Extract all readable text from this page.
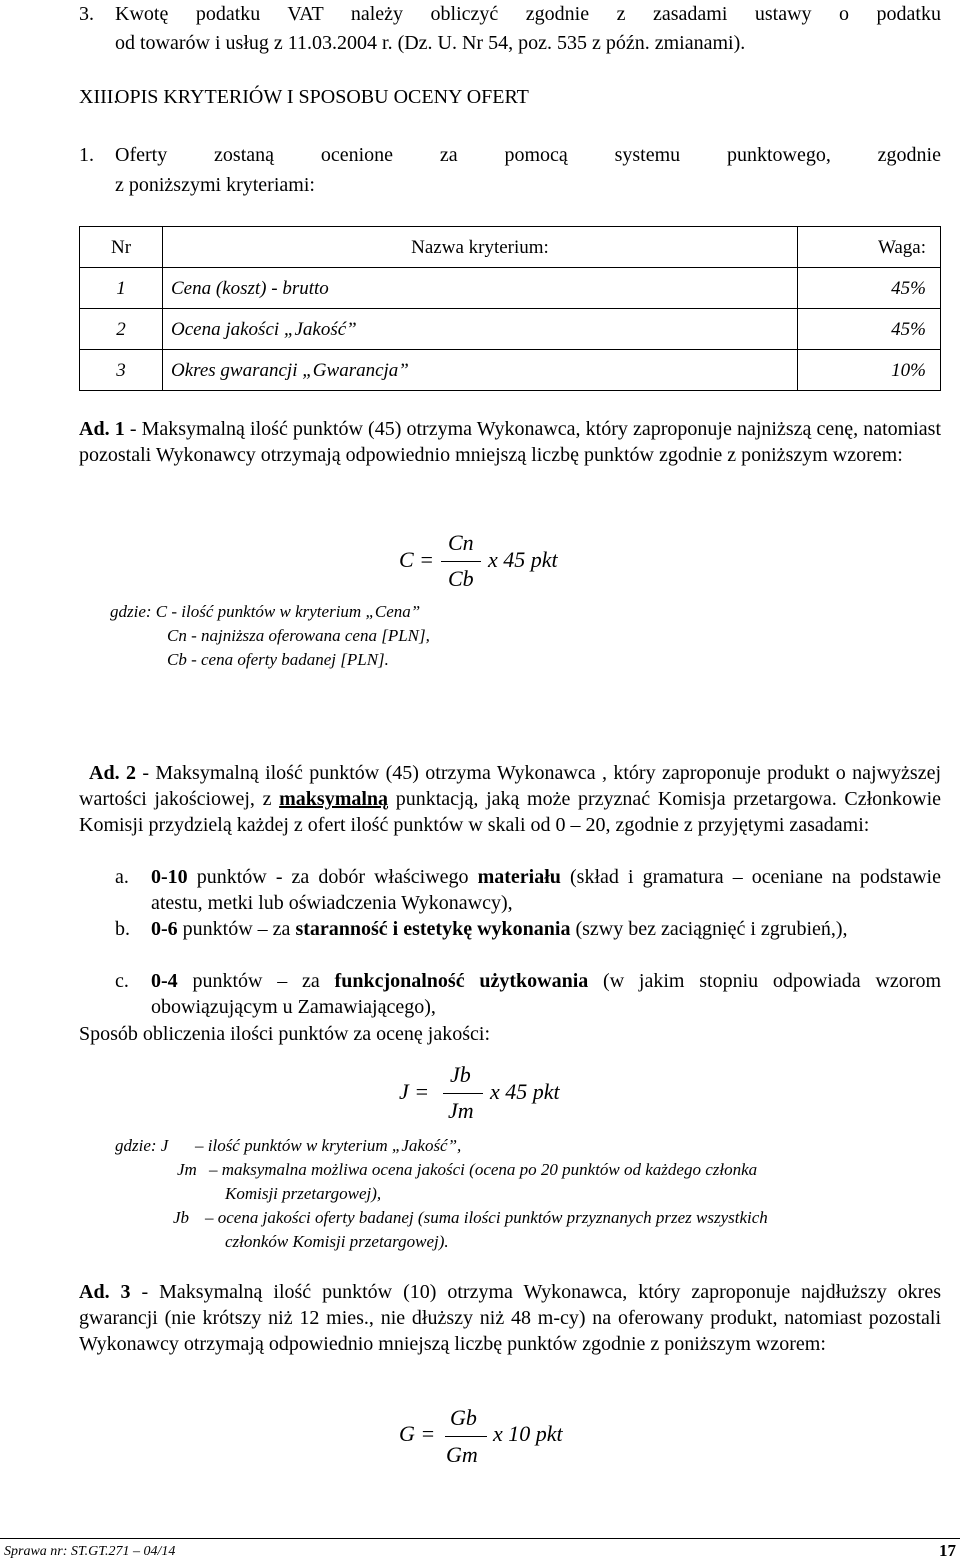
3. Kwotę podatku VAT należy obliczyć zgodnie z zasadami ustawy o podatku
od towarów i usług z 11.03.2004 r. (Dz. U. Nr 54, poz. 535 z późn. zmianami).
XIII.
OPIS KRYTERIÓW I SPOSOBU OCENY OFERT
1. Oferty zostaną ocenione za pomocą systemu punktowego, zgodnie
z poniższymi kryteriami:
Nr	Nazwa kryterium:	Waga:
1	Cena (koszt) - brutto	45%
2	Ocena jakości „Jakość”	45%
3	Okres gwarancji „Gwarancja”	10%
Ad. 1 - Maksymalną ilość punktów (45) otrzyma Wykonawca, który zaproponuje najniższą cenę, natomiast pozostali Wykonawcy otrzymają odpowiednio mniejszą liczbę punktów zgodnie z poniższym wzorem:
C =
Cn
Cb
x 45 pkt
gdzie: C - ilość punktów w kryterium „Cena”
Cn - najniższa oferowana cena [PLN],
Cb - cena oferty badanej [PLN].
Ad. 2 - Maksymalną ilość punktów (45) otrzyma Wykonawca , który zaproponuje produkt o najwyższej wartości jakościowej, z maksymalną punktacją, jaką może przyznać Komisja przetargowa. Członkowie Komisji przydzielą każdej z ofert ilość punktów w skali od 0 – 20, zgodnie z przyjętymi zasadami:
a. 0-10 punktów - za dobór właściwego materiału (skład i gramatura – oceniane na podstawie atestu, metki lub oświadczenia Wykonawcy),
b. 0-6 punktów – za staranność i estetykę wykonania (szwy bez zaciągnięć i zgrubień,),
c. 0-4 punktów – za funkcjonalność użytkowania (w jakim stopniu odpowiada wzorom obowiązującym u Zamawiającego),
Sposób obliczenia ilości punktów za ocenę jakości:
J =
Jb
Jm
x 45 pkt
gdzie: J – ilość punktów w kryterium „Jakość”,
Jm – maksymalna możliwa ocena jakości (ocena po 20 punktów od każdego członka
Komisji przetargowej),
Jb – ocena jakości oferty badanej (suma ilości punktów przyznanych przez wszystkich
członków Komisji przetargowej).
Ad. 3 - Maksymalną ilość punktów (10) otrzyma Wykonawca, który zaproponuje najdłuższy okres gwarancji (nie krótszy niż 12 mies., nie dłuższy niż 48 m-cy) na oferowany produkt, natomiast pozostali Wykonawcy otrzymają odpowiednio mniejszą liczbę punktów zgodnie z poniższym wzorem:
G =
Gb
Gm
x 10 pkt
Sprawa nr: ST.GT.271 – 04/14	17
